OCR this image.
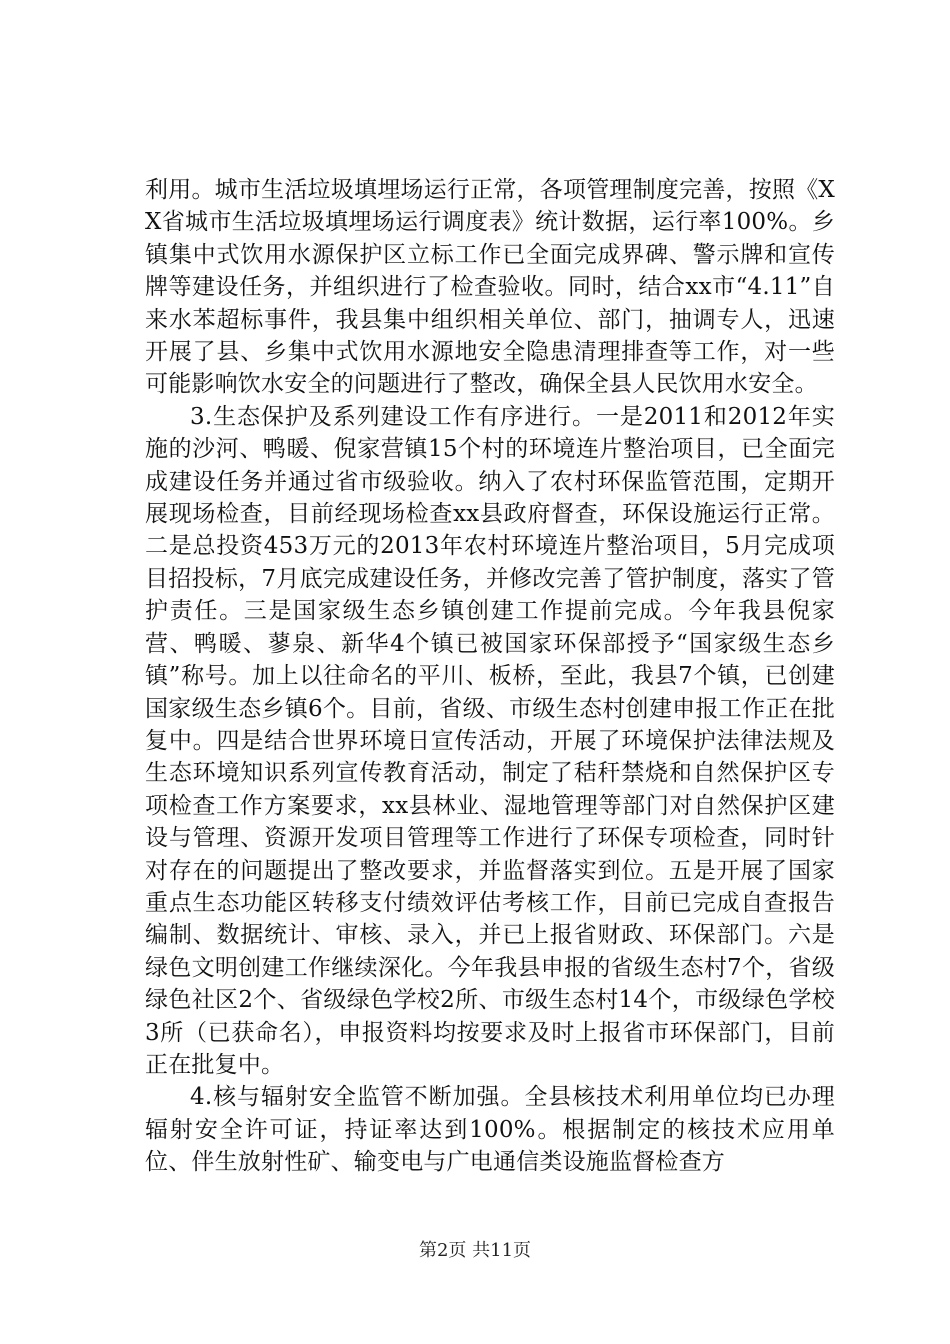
利用。城市生活垃圾填埋场运行正常，各项管理制度完善，按照《XX省城市生活垃圾填埋场运行调度表》统计数据，运行率100%。乡镇集中式饮用水源保护区立标工作已全面完成界碑、警示牌和宣传牌等建设任务，并组织进行了检查验收。同时，结合xx市“4.11”自来水苯超标事件，我县集中组织相关单位、部门，抽调专人，迅速开展了县、乡集中式饮用水源地安全隐患清理排查等工作，对一些可能影响饮水安全的问题进行了整改，确保全县人民饮用水安全。

3.生态保护及系列建设工作有序进行。一是2011和2012年实施的沙河、鸭暖、倪家营镇15个村的环境连片整治项目，已全面完成建设任务并通过省市级验收。纳入了农村环保监管范围，定期开展现场检查，目前经现场检查xx县政府督查，环保设施运行正常。二是总投资453万元的2013年农村环境连片整治项目，5月完成项目招投标，7月底完成建设任务，并修改完善了管护制度，落实了管护责任。三是国家级生态乡镇创建工作提前完成。今年我县倪家营、鸭暖、蓼泉、新华4个镇已被国家环保部授予“国家级生态乡镇”称号。加上以往命名的平川、板桥，至此，我县7个镇，已创建国家级生态乡镇6个。目前，省级、市级生态村创建申报工作正在批复中。四是结合世界环境日宣传活动，开展了环境保护法律法规及生态环境知识系列宣传教育活动，制定了秸秆禁烧和自然保护区专项检查工作方案要求，xx县林业、湿地管理等部门对自然保护区建设与管理、资源开发项目管理等工作进行了环保专项检查，同时针对存在的问题提出了整改要求，并监督落实到位。五是开展了国家重点生态功能区转移支付绩效评估考核工作，目前已完成自查报告编制、数据统计、审核、录入，并已上报省财政、环保部门。六是绿色文明创建工作继续深化。今年我县申报的省级生态村7个，省级绿色社区2个、省级绿色学校2所、市级生态村14个，市级绿色学校3所（已获命名），申报资料均按要求及时上报省市环保部门，目前正在批复中。

4.核与辐射安全监管不断加强。全县核技术利用单位均已办理辐射安全许可证，持证率达到100%。根据制定的核技术应用单位、伴生放射性矿、输变电与广电通信类设施监督检查方

第2页 共11页
